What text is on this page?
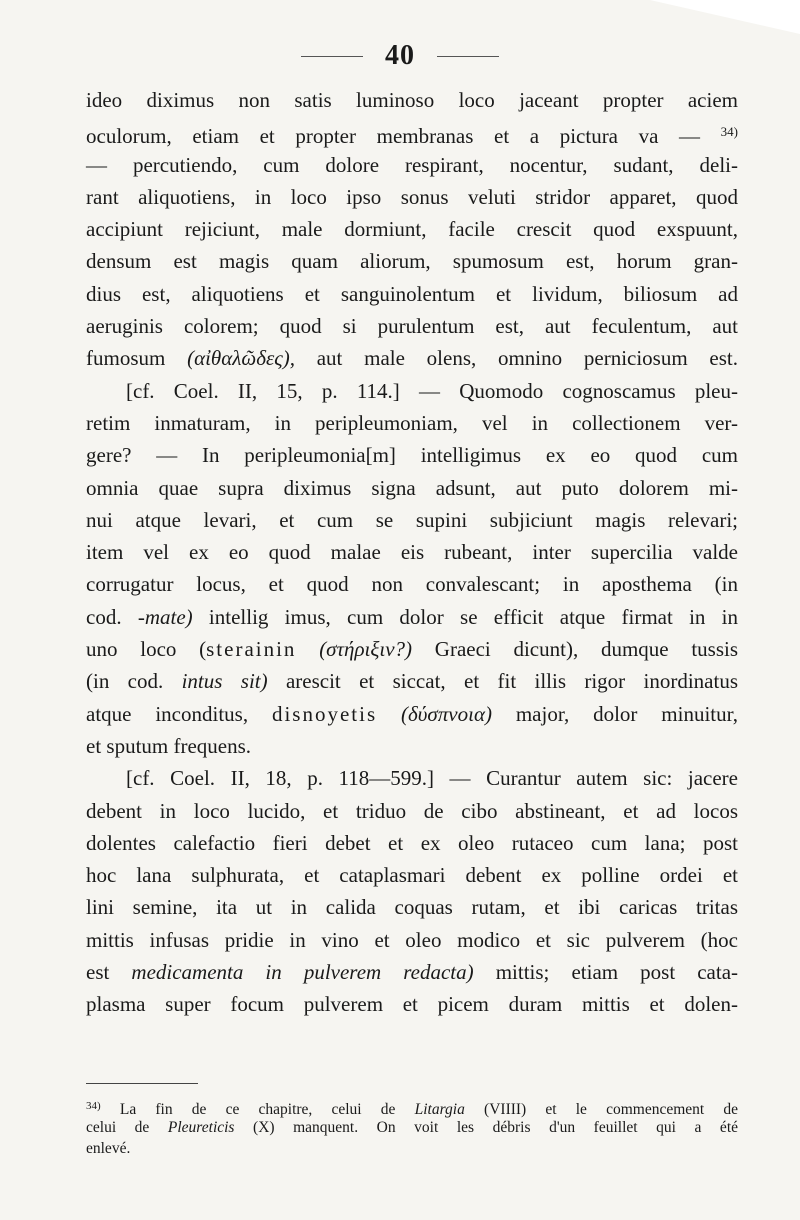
40
ideo diximus non satis luminoso loco jaceant propter aciem
oculorum, etiam et propter membranas et a pictura va — $^{34)}$
— percutiendo, cum dolore respirant, nocentur, sudant, deli-
rant aliquotiens, in loco ipso sonus veluti stridor apparet, quod
accipiunt rejiciunt, male dormiunt, facile crescit quod exspuunt,
densum est magis quam aliorum, spumosum est, horum gran-
dius est, aliquotiens et sanguinolentum et lividum, biliosum ad
aeruginis colorem; quod si purulentum est, aut feculentum, aut
fumosum (αἰθαλῶδες), aut male olens, omnino perniciosum est.
[cf. Coel. II, 15, p. 114.] — Quomodo cognoscamus pleu-
retim inmaturam, in peripleumoniam, vel in collectionem ver-
gere? — In peripleumonia[m] intelligimus ex eo quod cum
omnia quae supra diximus signa adsunt, aut puto dolorem mi-
nui atque levari, et cum se supini subjiciunt magis relevari;
item vel ex eo quod malae eis rubeant, inter supercilia valde
corrugatur locus, et quod non convalescant; in aposthema (in
cod. -mate) intellig imus, cum dolor se efficit atque firmat in in
uno loco (sterainin (στήριξιν?) Graeci dicunt), dumque tussis
(in cod. intus sit) arescit et siccat, et fit illis rigor inordinatus
atque inconditus, disnoyetis (δύσπνοια) major, dolor minuitur,
et sputum frequens.
[cf. Coel. II, 18, p. 118—599.] — Curantur autem sic: jacere
debent in loco lucido, et triduo de cibo abstineant, et ad locos
dolentes calefactio fieri debet et ex oleo rutaceo cum lana; post
hoc lana sulphurata, et cataplasmari debent ex polline ordei et
lini semine, ita ut in calida coquas rutam, et ibi caricas tritas
mittis infusas pridie in vino et oleo modico et sic pulverem (hoc
est medicamenta in pulverem redacta) mittis; etiam post cata-
plasma super focum pulverem et picem duram mittis et dolen-
$^{34)}$ La fin de ce chapitre, celui de Litargia (VIIII) et le commencement de
celui de Pleureticis (X) manquent. On voit les débris d'un feuillet qui a été
enlevé.
